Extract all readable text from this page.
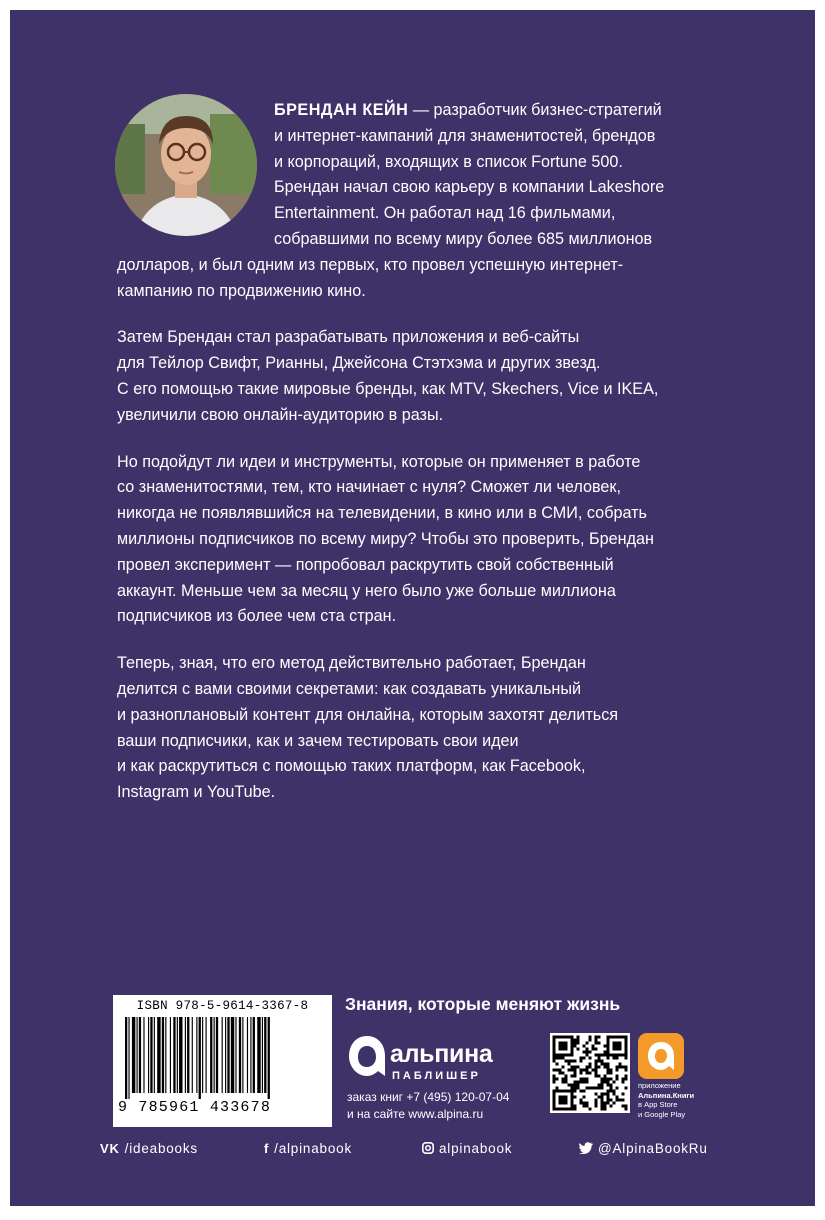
БРЕНДАН КЕЙН — разработчик бизнес-стратегий
и интернет-кампаний для знаменитостей, брендов
и корпораций, входящих в список Fortune 500.
Брендан начал свою карьеру в компании Lakeshore
Entertainment. Он работал над 16 фильмами,
собравшими по всему миру более 685 миллионов
долларов, и был одним из первых, кто провел успешную интернет-
кампанию по продвижению кино.

Затем Брендан стал разрабатывать приложения и веб-сайты
для Тейлор Свифт, Рианны, Джейсона Стэтхэма и других звезд.
С его помощью такие мировые бренды, как MTV, Skechers, Vice и IKEA,
увеличили свою онлайн-аудиторию в разы.

Но подойдут ли идеи и инструменты, которые он применяет в работе
со знаменитостями, тем, кто начинает с нуля? Сможет ли человек,
никогда не появлявшийся на телевидении, в кино или в СМИ, собрать
миллионы подписчиков по всему миру? Чтобы это проверить, Брендан
провел эксперимент — попробовал раскрутить свой собственный
аккаунт. Меньше чем за месяц у него было уже больше миллиона
подписчиков из более чем ста стран.

Теперь, зная, что его метод действительно работает, Брендан
делится с вами своими секретами: как создавать уникальный
и разноплановый контент для онлайна, которым захотят делиться
ваши подписчики, как и зачем тестировать свои идеи
и как раскрутиться с помощью таких платформ, как Facebook,
Instagram и YouTube.

ISBN 978-5-9614-3367-8
9 785961 433678
Знания, которые меняют жизнь
альпина
ПАБЛИШЕР
заказ книг +7 (495) 120-07-04
и на сайте www.alpina.ru
приложение
Альпина.Книги
в App Store
и Google Play
VK /ideabooks	f /alpinabook	alpinabook	@AlpinaBookRu
